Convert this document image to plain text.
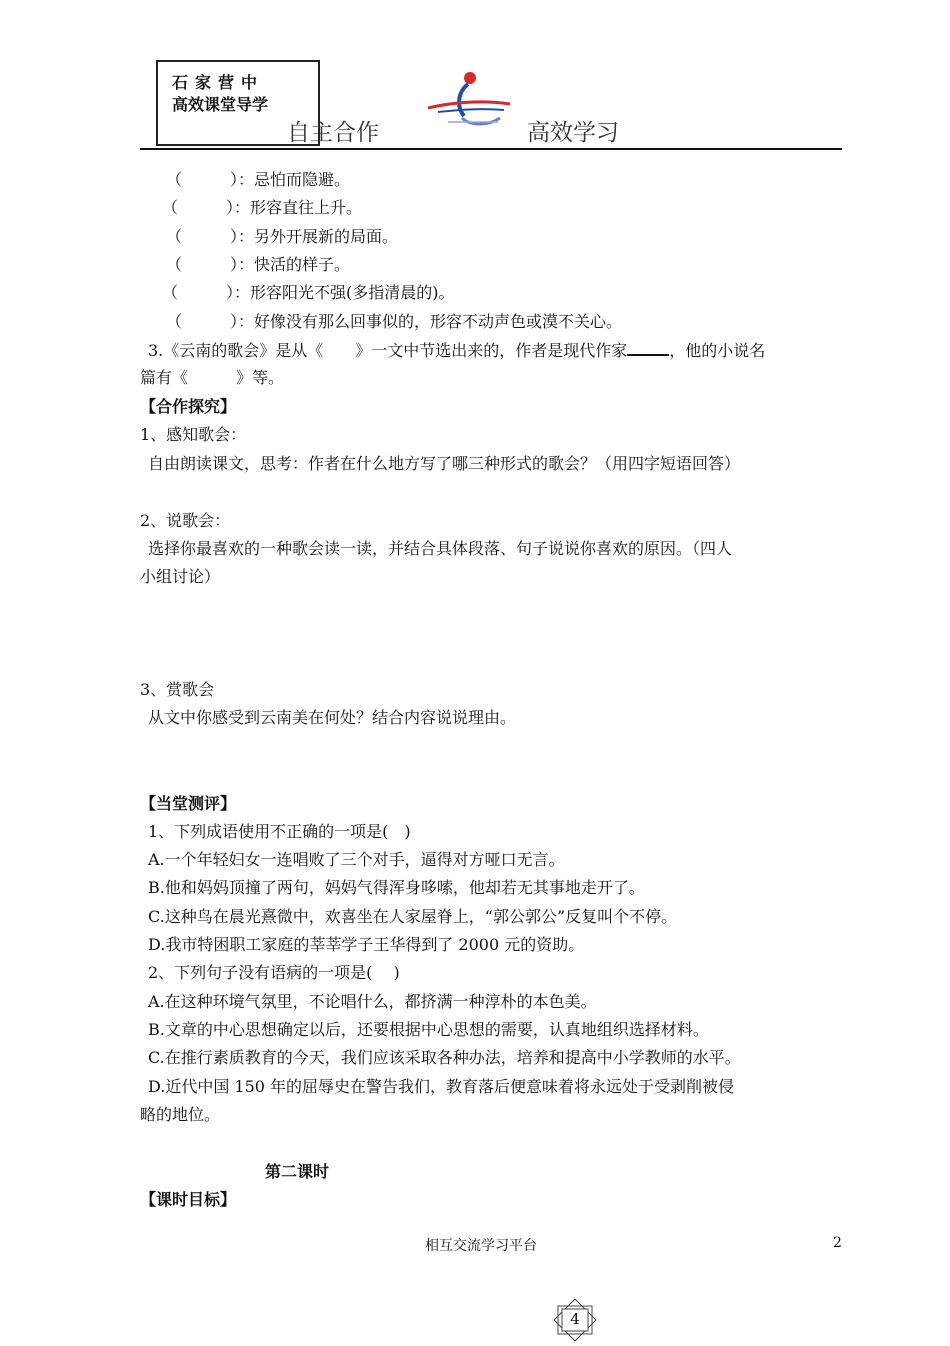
石家营中
高效课堂导学
自主合作	高效学习
（　　　）：忌怕而隐避。
（　　　）：形容直往上升。
（　　　）：另外开展新的局面。
（　　　）：快活的样子。
（　　　）：形容阳光不强(多指清晨的)。
（　　　）：好像没有那么回事似的，形容不动声色或漠不关心。
3.《云南的歌会》是从《　　》一文中节选出来的，作者是现代作家	，他的小说名
篇有《　　　》等。
【合作探究】
1、感知歌会：
自由朗读课文，思考：作者在什么地方写了哪三种形式的歌会？（用四字短语回答）
2、说歌会：
选择你最喜欢的一种歌会读一读，并结合具体段落、句子说说你喜欢的原因。（四人
小组讨论）
3、赏歌会
从文中你感受到云南美在何处？结合内容说说理由。
【当堂测评】
1、下列成语使用不正确的一项是(　)
A.一个年轻妇女一连唱败了三个对手，逼得对方哑口无言。
B.他和妈妈顶撞了两句，妈妈气得浑身哆嗦，他却若无其事地走开了。
C.这种鸟在晨光熹微中，欢喜坐在人家屋脊上，“郭公郭公”反复叫个不停。
D.我市特困职工家庭的莘莘学子王华得到了 2000 元的资助。
2、下列句子没有语病的一项是(　 )
A.在这种环境气氛里，不论唱什么，都挤满一种淳朴的本色美。
B.文章的中心思想确定以后，还要根据中心思想的需要，认真地组织选择材料。
C.在推行素质教育的今天，我们应该采取各种办法，培养和提高中小学教师的水平。
D.近代中国 150 年的屈辱史在警告我们，教育落后便意味着将永远处于受剥削被侵
略的地位。
第二课时
【课时目标】
相互交流学习平台	2
4
